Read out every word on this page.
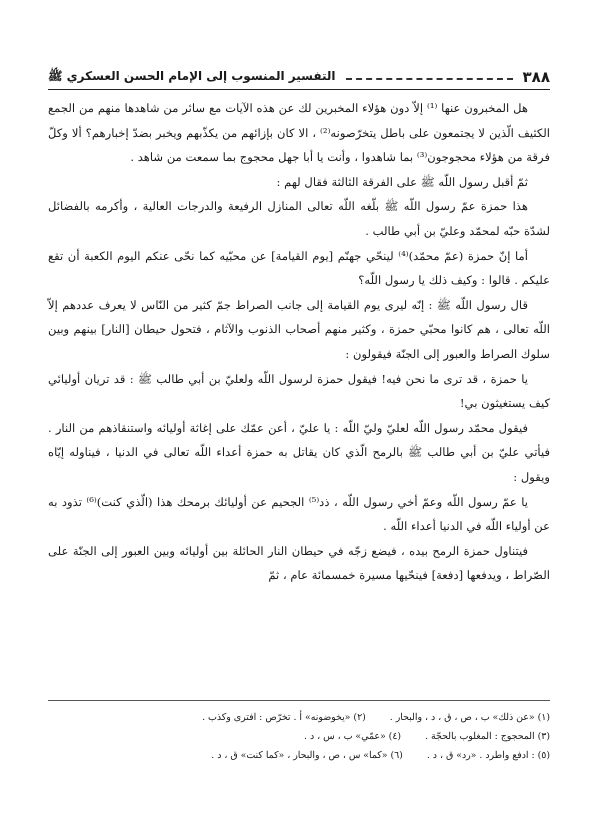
٣٨٨
التفسير المنسوب إلى الإمام الحسن العسكري ﷺ

هل المخبرون عنها ⁽¹⁾ إلاّ دون هؤلاء المخبرين لك عن هذه الآيات مع سائر من شاهدها منهم من الجمع الكثيف الّذين لا يجتمعون على باطل يتخرّصونه⁽²⁾ ، الا كان بإزائهم من يكذّبهم ويخبر بضدّ إخبارهم؟ ألا وكلّ فرقة من هؤلاء محجوجون⁽³⁾ بما شاهدوا ، وأنت يا أبا جهل محجوج بما سمعت من شاهد .

ثمّ أقبل رسول اللّه ﷺ على الفرقة الثالثة فقال لهم :

هذا حمزة عمّ رسول اللّه ﷺ بلّغه اللّه تعالى المنازل الرفيعة والدرجات العالية ، وأكرمه بالفضائل لشدّة حبّه لمحمّد وعليّ بن أبي طالب .

أما إنّ حمزة (عمّ محمّد)⁽⁴⁾ لينحّي جهنّم [يوم القيامة] عن محبّيه كما نحّى عنكم اليوم الكعبة أن تقع عليكم . قالوا : وكيف ذلك يا رسول اللّه؟

قال رسول اللّه ﷺ : إنّه ليرى يوم القيامة إلى جانب الصراط جمّ كثير من النّاس لا يعرف عددهم إلاّ اللّه تعالى ، هم كانوا محبّي حمزة ، وكثير منهم أصحاب الذنوب والآثام ، فتحول حيطان [النار] بينهم وبين سلوك الصراط والعبور إلى الجنّة فيقولون :

يا حمزة ، قد ترى ما نحن فيه! فيقول حمزة لرسول اللّه ولعليّ بن أبي طالب ﷺ : قد تريان أوليائي كيف يستغيثون بي!

فيقول محمّد رسول اللّه لعليّ وليّ اللّه : يا عليّ ، أعن عمّك على إغاثة أوليائه واستنقاذهم من النار . فيأتي عليّ بن أبي طالب ﷺ بالرمح الّذي كان يقاتل به حمزة أعداء اللّه تعالى في الدنيا ، فيناوله إيّاه ويقول :

يا عمّ رسول اللّه وعمّ أخي رسول اللّه ، ذد⁽⁵⁾ الجحيم عن أوليائك برمحك هذا (الّذي كنت)⁽⁶⁾ تذود به عن أولياء اللّه في الدنيا أعداء اللّه .

فيتناول حمزة الرمح بيده ، فيضع زجّه في حيطان النار الحائلة بين أوليائه وبين العبور إلى الجنّة على الصّراط ، ويدفعها [دفعة] فينحّيها مسيرة خمسمائة عام ، ثمّ

(١) «عن ذلك» ب ، ص ، ق ، د ، والبحار .
(٢) «يخوضونه» أ . تخرّص : افترى وكذب .
(٣) المحجوج : المغلوب بالحجّة .
(٤) «عمّي» ب ، س ، د .
(٥) : ادفع واطرد . «رد» ق ، د .
(٦) «كما» س ، ص ، والبحار ، «كما كنت» ق ، د .
